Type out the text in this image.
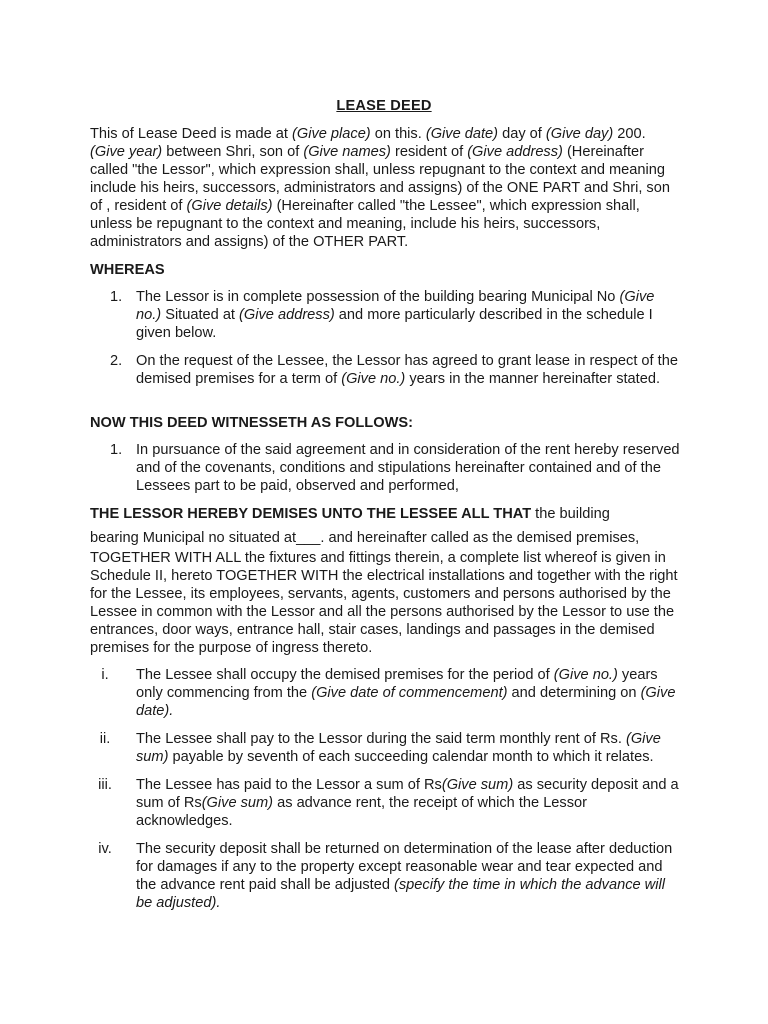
LEASE DEED

This of Lease Deed is made at (Give place) on this. (Give date) day of (Give day) 200. (Give year) between Shri, son of (Give names) resident of (Give address) (Hereinafter called "the Lessor", which expression shall, unless repugnant to the context and meaning include his heirs, successors, administrators and assigns) of the ONE PART and Shri, son of , resident of (Give details) (Hereinafter called "the Lessee", which expression shall, unless be repugnant to the context and meaning, include his heirs, successors, administrators and assigns) of the OTHER PART.

WHEREAS

1. The Lessor is in complete possession of the building bearing Municipal No (Give no.) Situated at (Give address) and more particularly described in the schedule I given below.
2. On the request of the Lessee, the Lessor has agreed to grant lease in respect of the demised premises for a term of (Give no.) years in the manner hereinafter stated.

NOW THIS DEED WITNESSETH AS FOLLOWS:

1. In pursuance of the said agreement and in consideration of the rent hereby reserved and of the covenants, conditions and stipulations hereinafter contained and of the Lessees part to be paid, observed and performed,

THE LESSOR HEREBY DEMISES UNTO THE LESSEE ALL THAT the building

bearing Municipal no situated at___. and hereinafter called as the demised premises,

TOGETHER WITH ALL the fixtures and fittings therein, a complete list whereof is given in Schedule II, hereto TOGETHER WITH the electrical installations and together with the right for the Lessee, its employees, servants, agents, customers and persons authorised by the Lessee in common with the Lessor and all the persons authorised by the Lessor to use the entrances, door ways, entrance hall, stair cases, landings and passages in the demised premises for the purpose of ingress thereto.

i.	The Lessee shall occupy the demised premises for the period of (Give no.) years only commencing from the (Give date of commencement) and determining on (Give date).
ii.	The Lessee shall pay to the Lessor during the said term monthly rent of Rs. (Give sum) payable by seventh of each succeeding calendar month to which it relates.
iii.	The Lessee has paid to the Lessor a sum of Rs(Give sum) as security deposit and a sum of Rs(Give sum) as advance rent, the receipt of which the Lessor acknowledges.
iv.	The security deposit shall be returned on determination of the lease after deduction for damages if any to the property except reasonable wear and tear expected and the advance rent paid shall be adjusted (specify the time in which the advance will be adjusted).
